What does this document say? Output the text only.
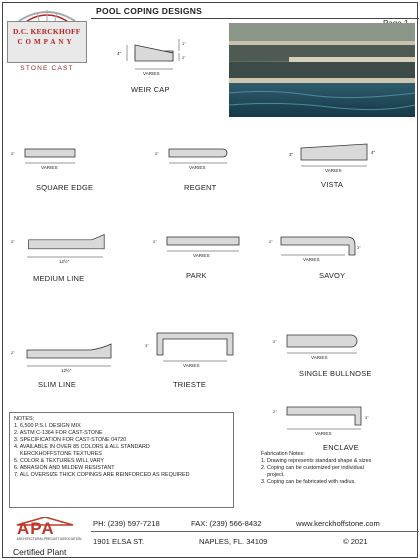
D.C. KERCKHOFF
COMPANY
STONE CAST
POOL COPING DESIGNS
VARIES
4"
2"
1"
WEIR CAP
VARIES
2"
SQUARE EDGE
VARIES
2"
REGENT
VARIES
3"	4"
VISTA
12½"
2"
MEDIUM LINE
VARIES
2"
PARK
VARIES
2"
3"
SAVOY
12½"
2"
SLIM LINE
VARIES
3"
TRIESTE
VARIES
2"
SINGLE BULLNOSE
VARIES
2"
3"
ENCLAVE
NOTES:
1. 6,500 P.S.I. DESIGN MIX
2. ASTM C-1364 FOR CAST-STONE
3. SPECIFICATION FOR CAST-STONE 04720
4. AVAILABLE IN OVER 85 COLORS & ALL STANDARD
KERCKHOFFSTONE TEXTURES
5. COLOR & TEXTURES WILL VARY
6. ABRASION AND MILDEW RESISTANT
7. ALL OVERSIZE THICK COPINGS ARE REINFORCED AS REQUIRED
Fabrication Notes:
1. Drawing represents standard shape & sizes
2. Coping can be customized per individual
project.
3. Coping can be fabricated with radius.
APA
ARCHITECTURAL PRECAST ASSOCIATION
Certified Plant
PH: (239) 597-7218	FAX: (239) 566-8432	www.kerckhoffstone.com
1901 ELSA ST.	NAPLES, FL. 34109	© 2021
